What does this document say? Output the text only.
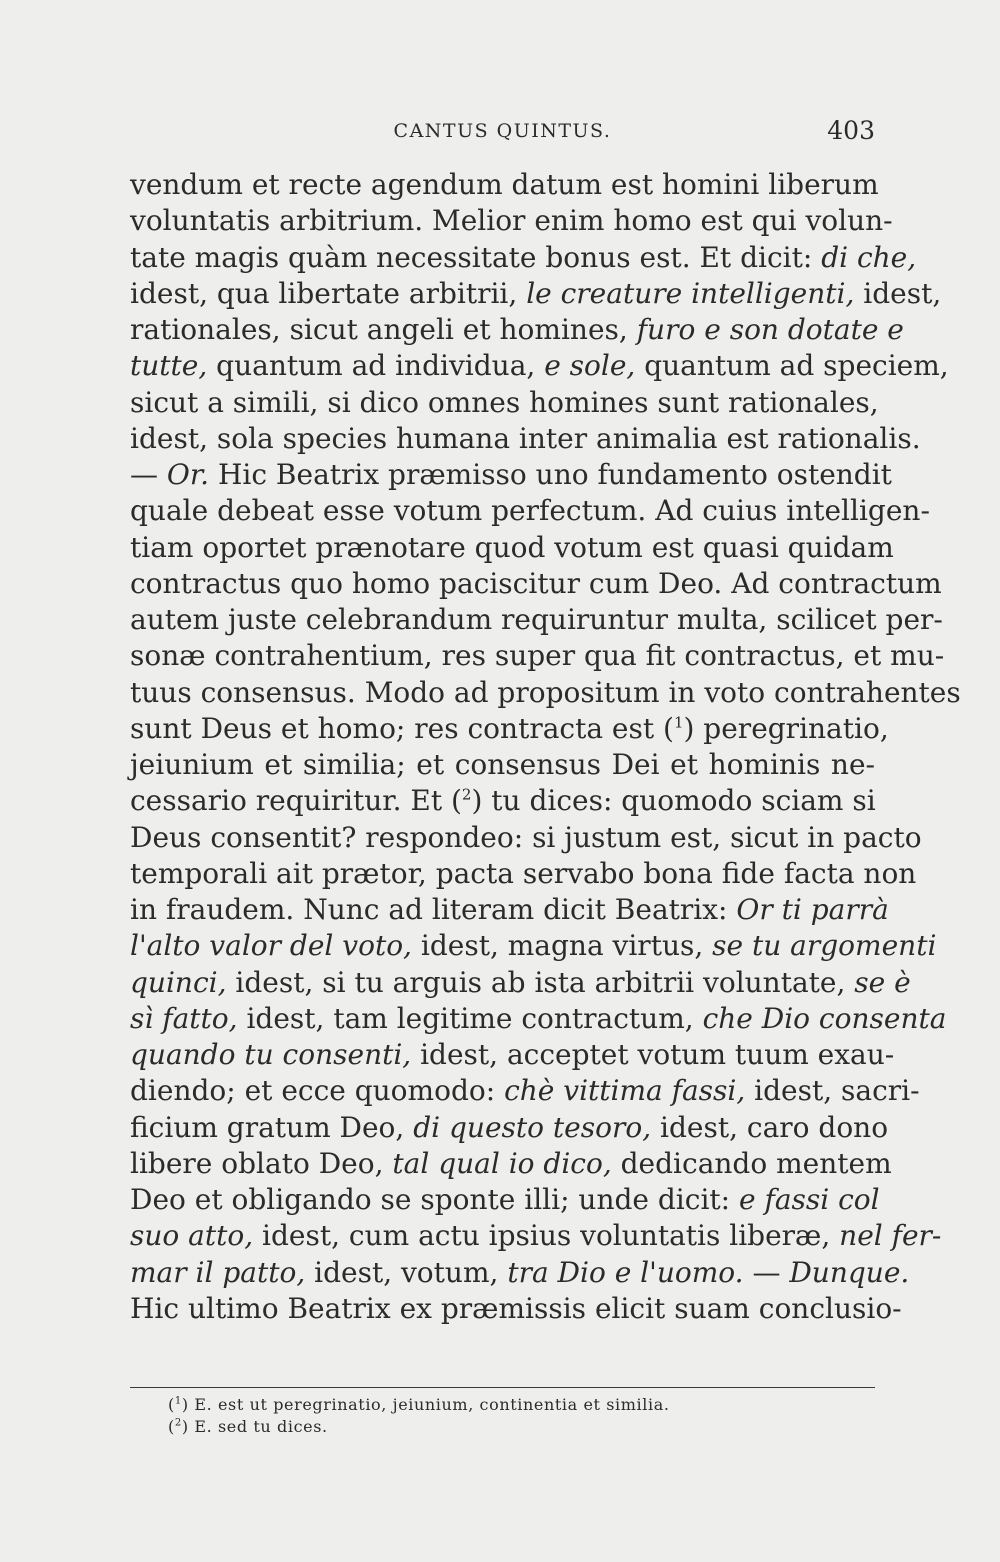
CANTUS QUINTUS.	403
vendum et recte agendum datum est homini liberum
voluntatis arbitrium. Melior enim homo est qui volun-
tate magis quàm necessitate bonus est. Et dicit: di che,
idest, qua libertate arbitrii, le creature intelligenti, idest,
rationales, sicut angeli et homines, furo e son dotate e
tutte, quantum ad individua, e sole, quantum ad speciem,
sicut a simili, si dico omnes homines sunt rationales,
idest, sola species humana inter animalia est rationalis.
— Or. Hic Beatrix præmisso uno fundamento ostendit
quale debeat esse votum perfectum. Ad cuius intelligen-
tiam oportet prænotare quod votum est quasi quidam
contractus quo homo paciscitur cum Deo. Ad contractum
autem juste celebrandum requiruntur multa, scilicet per-
sonæ contrahentium, res super qua fit contractus, et mu-
tuus consensus. Modo ad propositum in voto contrahentes
sunt Deus et homo; res contracta est ($^1$) peregrinatio,
jeiunium et similia; et consensus Dei et hominis ne-
cessario requiritur. Et ($^2$) tu dices: quomodo sciam si
Deus consentit? respondeo: si justum est, sicut in pacto
temporali ait prætor, pacta servabo bona fide facta non
in fraudem. Nunc ad literam dicit Beatrix: Or ti parrà
l'alto valor del voto, idest, magna virtus, se tu argomenti
quinci, idest, si tu arguis ab ista arbitrii voluntate, se è
sì fatto, idest, tam legitime contractum, che Dio consenta
quando tu consenti, idest, acceptet votum tuum exau-
diendo; et ecce quomodo: chè vittima fassi, idest, sacri-
ficium gratum Deo, di questo tesoro, idest, caro dono
libere oblato Deo, tal qual io dico, dedicando mentem
Deo et obligando se sponte illi; unde dicit: e fassi col
suo atto, idest, cum actu ipsius voluntatis liberæ, nel fer-
mar il patto, idest, votum, tra Dio e l'uomo. — Dunque.
Hic ultimo Beatrix ex præmissis elicit suam conclusio-
($^1$) E. est ut peregrinatio, jeiunium, continentia et similia.
($^2$) E. sed tu dices.
